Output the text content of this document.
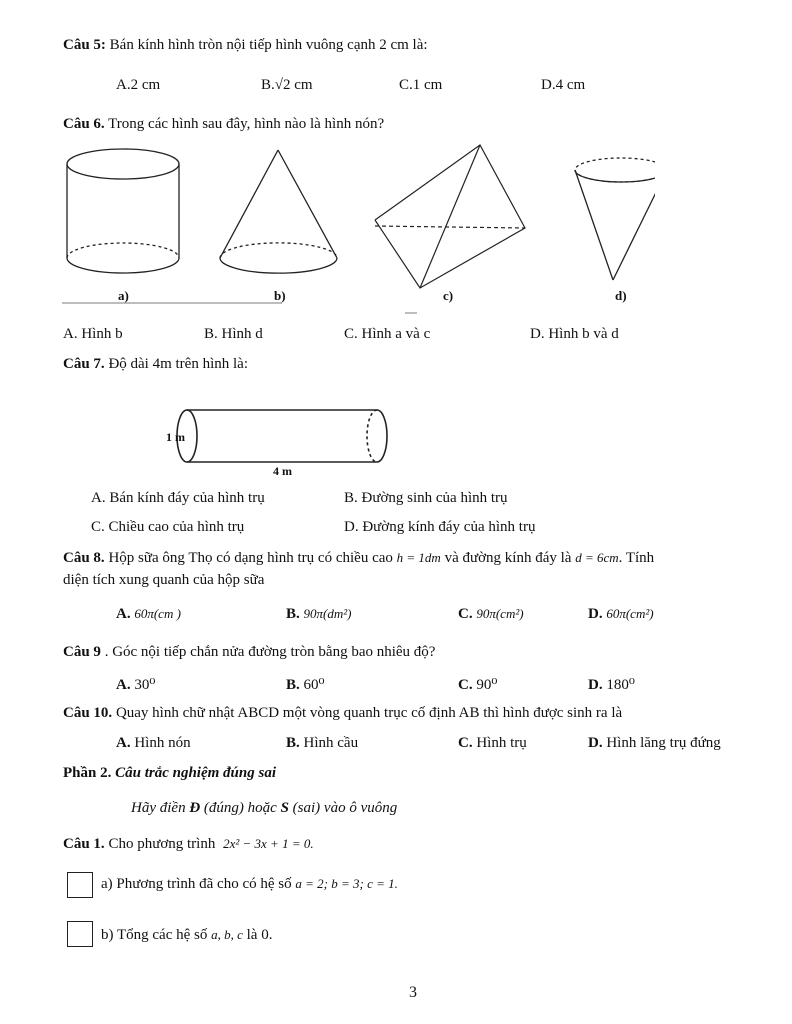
Câu 5: Bán kính hình tròn nội tiếp hình vuông cạnh 2 cm là:
A.2 cm	B.√2 cm	C.1 cm	D.4 cm
Câu 6. Trong các hình sau đây, hình nào là hình nón?
a)	b)	c)	d)
A. Hình b	B. Hình d	C. Hình a và c	D. Hình b và d
Câu 7. Độ dài 4m trên hình là:
1 m
4 m
A. Bán kính đáy của hình trụ	B. Đường sinh của hình trụ
C. Chiều cao của hình trụ	D. Đường kính đáy của hình trụ
Câu 8. Hộp sữa ông Thọ có dạng hình trụ có chiều cao h = 1dm và đường kính đáy là d = 6cm. Tính
diện tích xung quanh của hộp sữa
A. 60π(cm )	B. 90π(dm²)	C. 90π(cm²)	D. 60π(cm²)
Câu 9 . Góc nội tiếp chắn nửa đường tròn bằng bao nhiêu độ?
A. 30⁰	B. 60⁰	C. 90⁰	D. 180⁰
Câu 10. Quay hình chữ nhật ABCD một vòng quanh trục cố định AB thì hình được sinh ra là
A. Hình nón	B. Hình cầu	C. Hình trụ	D. Hình lăng trụ đứng
Phần 2. Câu trắc nghiệm đúng sai
Hãy điền Đ (đúng) hoặc S (sai) vào ô vuông
Câu 1. Cho phương trình 2x² − 3x + 1 = 0.
a) Phương trình đã cho có hệ số a = 2; b = 3; c = 1.
b) Tổng các hệ số a, b, c là 0.
3
